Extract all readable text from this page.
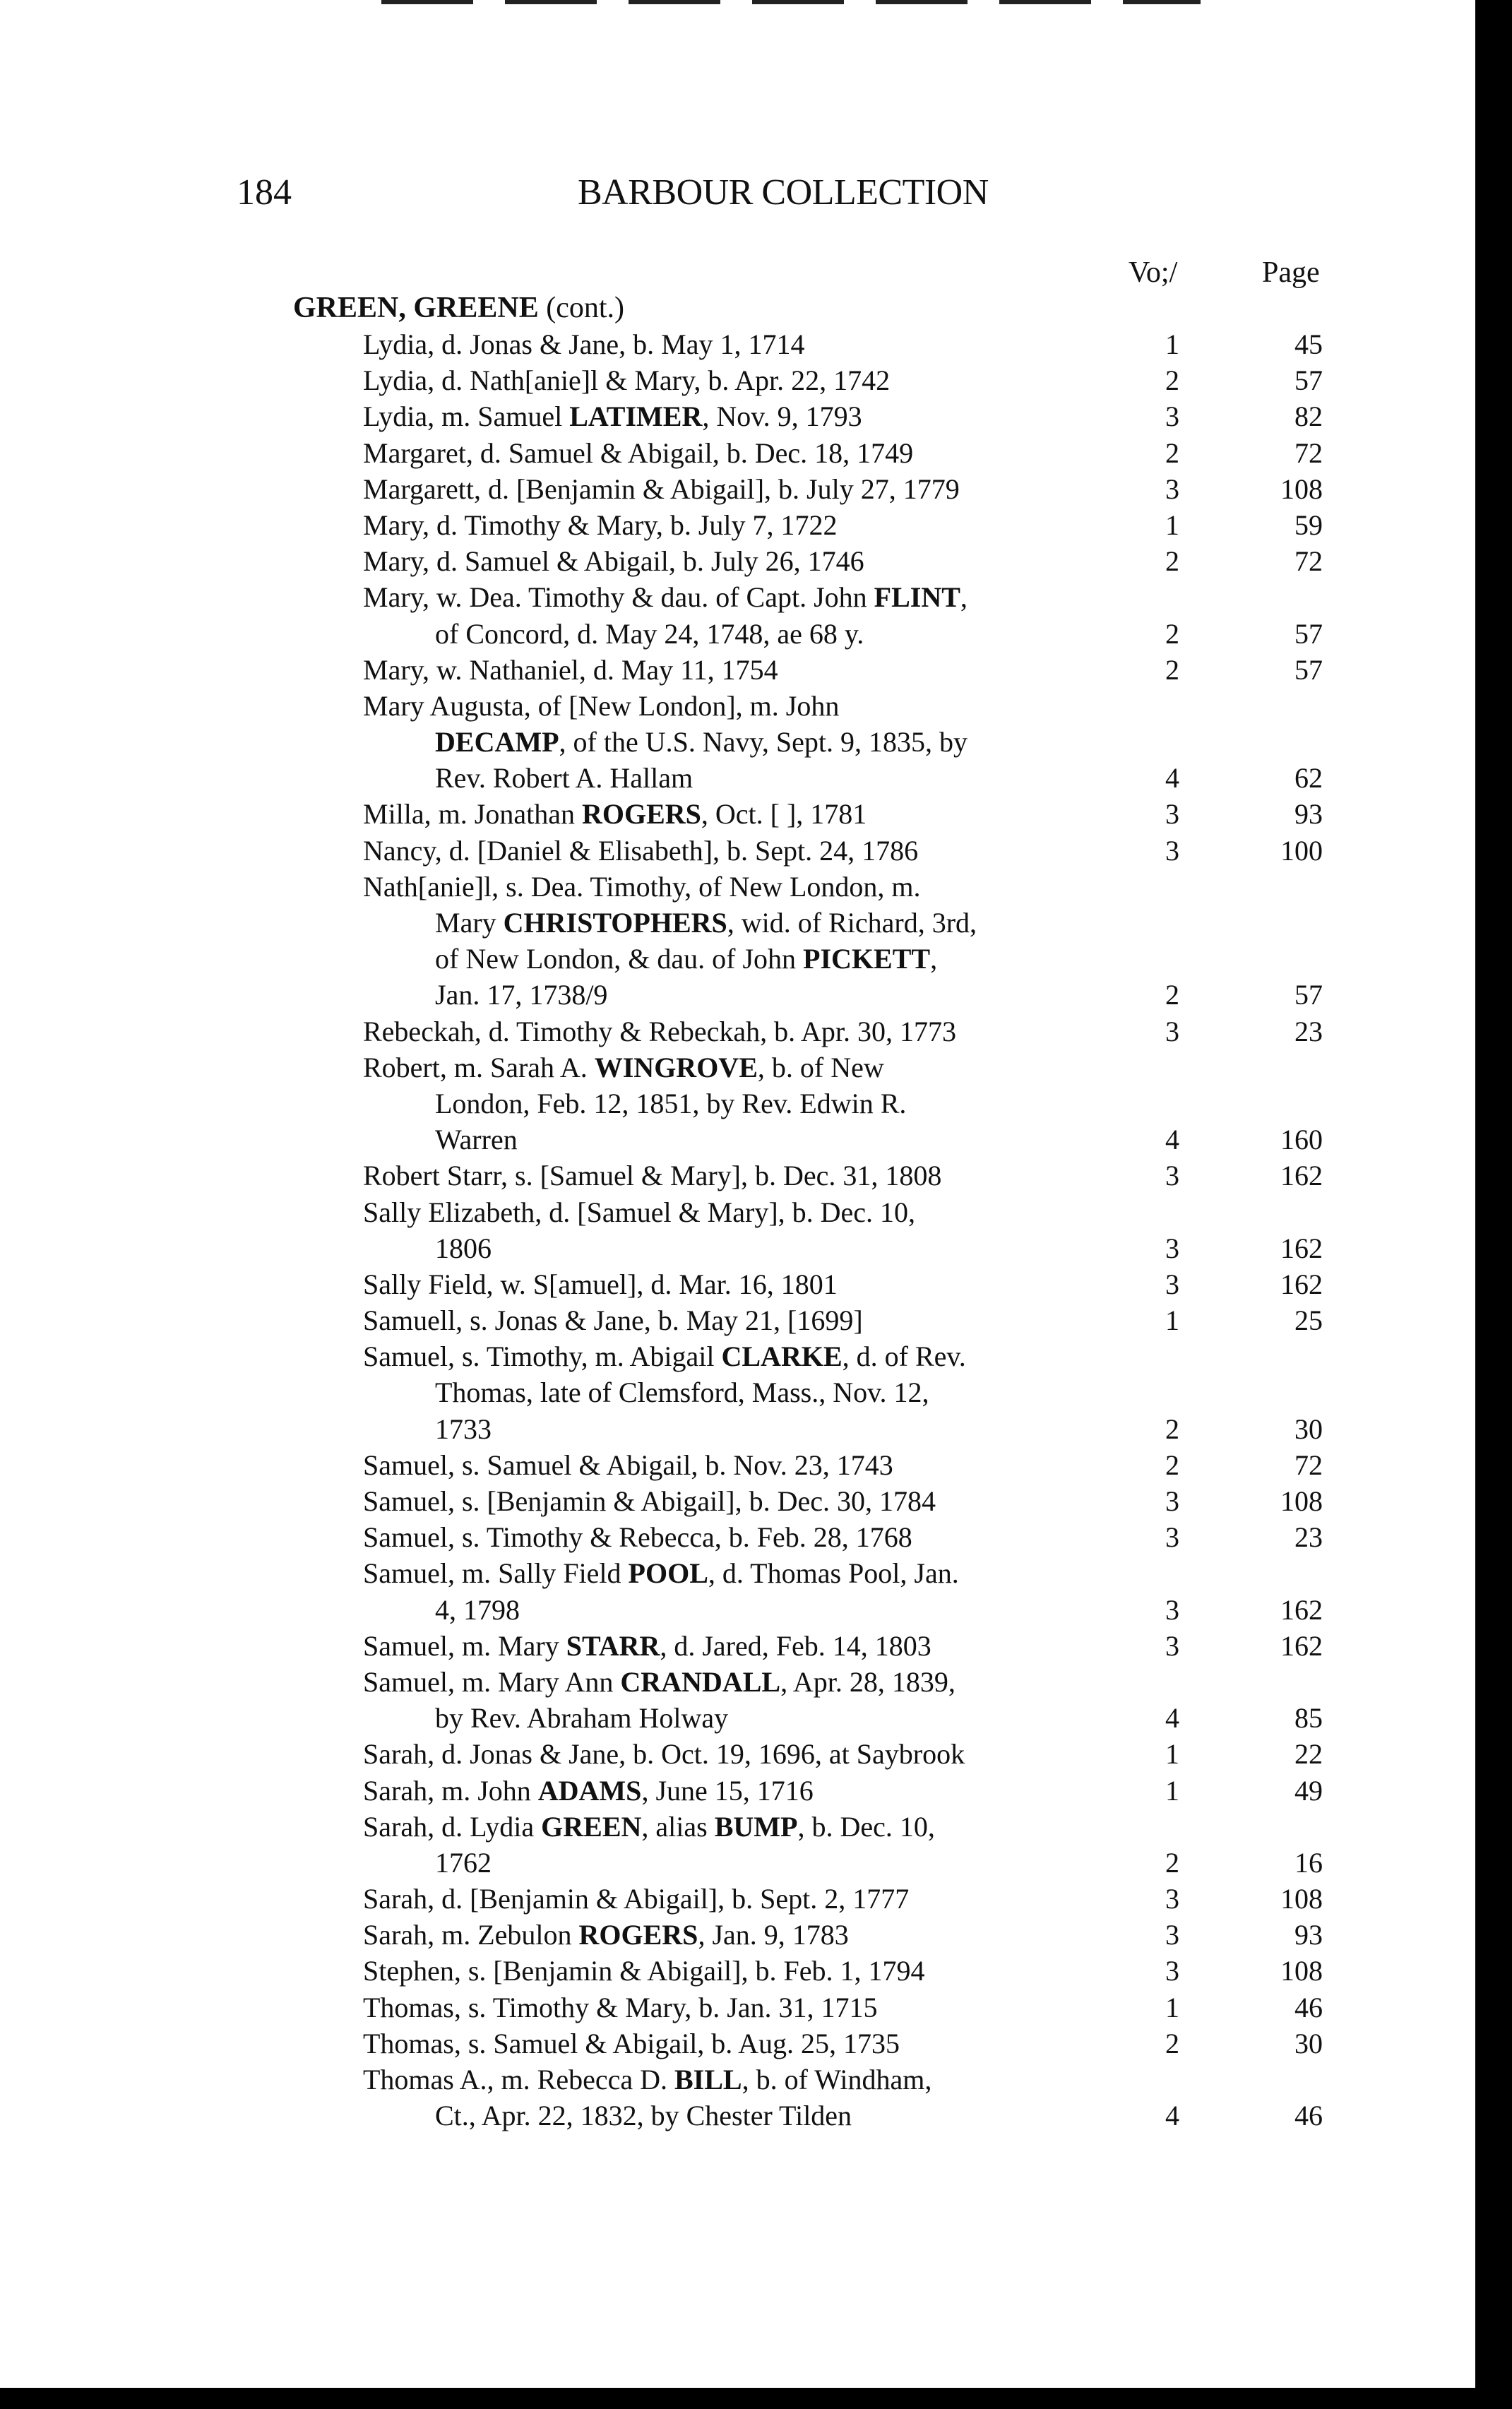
184	BARBOUR COLLECTION
Vo;/	Page
GREEN, GREENE (cont.)
Lydia, d. Jonas & Jane, b. May 1, 1714	1	45
Lydia, d. Nath[anie]l & Mary, b. Apr. 22, 1742	2	57
Lydia, m. Samuel LATIMER, Nov. 9, 1793	3	82
Margaret, d. Samuel & Abigail, b. Dec. 18, 1749	2	72
Margarett, d. [Benjamin & Abigail], b. July 27, 1779	3	108
Mary, d. Timothy & Mary, b. July 7, 1722	1	59
Mary, d. Samuel & Abigail, b. July 26, 1746	2	72
Mary, w. Dea. Timothy & dau. of Capt. John FLINT,
of Concord, d. May 24, 1748, ae 68 y.	2	57
Mary, w. Nathaniel, d. May 11, 1754	2	57
Mary Augusta, of [New London], m. John
DECAMP, of the U.S. Navy, Sept. 9, 1835, by
Rev. Robert A. Hallam	4	62
Milla, m. Jonathan ROGERS, Oct. [ ], 1781	3	93
Nancy, d. [Daniel & Elisabeth], b. Sept. 24, 1786	3	100
Nath[anie]l, s. Dea. Timothy, of New London, m.
Mary CHRISTOPHERS, wid. of Richard, 3rd,
of New London, & dau. of John PICKETT,
Jan. 17, 1738/9	2	57
Rebeckah, d. Timothy & Rebeckah, b. Apr. 30, 1773	3	23
Robert, m. Sarah A. WINGROVE, b. of New
London, Feb. 12, 1851, by Rev. Edwin R.
Warren	4	160
Robert Starr, s. [Samuel & Mary], b. Dec. 31, 1808	3	162
Sally Elizabeth, d. [Samuel & Mary], b. Dec. 10,
1806	3	162
Sally Field, w. S[amuel], d. Mar. 16, 1801	3	162
Samuell, s. Jonas & Jane, b. May 21, [1699]	1	25
Samuel, s. Timothy, m. Abigail CLARKE, d. of Rev.
Thomas, late of Clemsford, Mass., Nov. 12,
1733	2	30
Samuel, s. Samuel & Abigail, b. Nov. 23, 1743	2	72
Samuel, s. [Benjamin & Abigail], b. Dec. 30, 1784	3	108
Samuel, s. Timothy & Rebecca, b. Feb. 28, 1768	3	23
Samuel, m. Sally Field POOL, d. Thomas Pool, Jan.
4, 1798	3	162
Samuel, m. Mary STARR, d. Jared, Feb. 14, 1803	3	162
Samuel, m. Mary Ann CRANDALL, Apr. 28, 1839,
by Rev. Abraham Holway	4	85
Sarah, d. Jonas & Jane, b. Oct. 19, 1696, at Saybrook	1	22
Sarah, m. John ADAMS, June 15, 1716	1	49
Sarah, d. Lydia GREEN, alias BUMP, b. Dec. 10,
1762	2	16
Sarah, d. [Benjamin & Abigail], b. Sept. 2, 1777	3	108
Sarah, m. Zebulon ROGERS, Jan. 9, 1783	3	93
Stephen, s. [Benjamin & Abigail], b. Feb. 1, 1794	3	108
Thomas, s. Timothy & Mary, b. Jan. 31, 1715	1	46
Thomas, s. Samuel & Abigail, b. Aug. 25, 1735	2	30
Thomas A., m. Rebecca D. BILL, b. of Windham,
Ct., Apr. 22, 1832, by Chester Tilden	4	46
